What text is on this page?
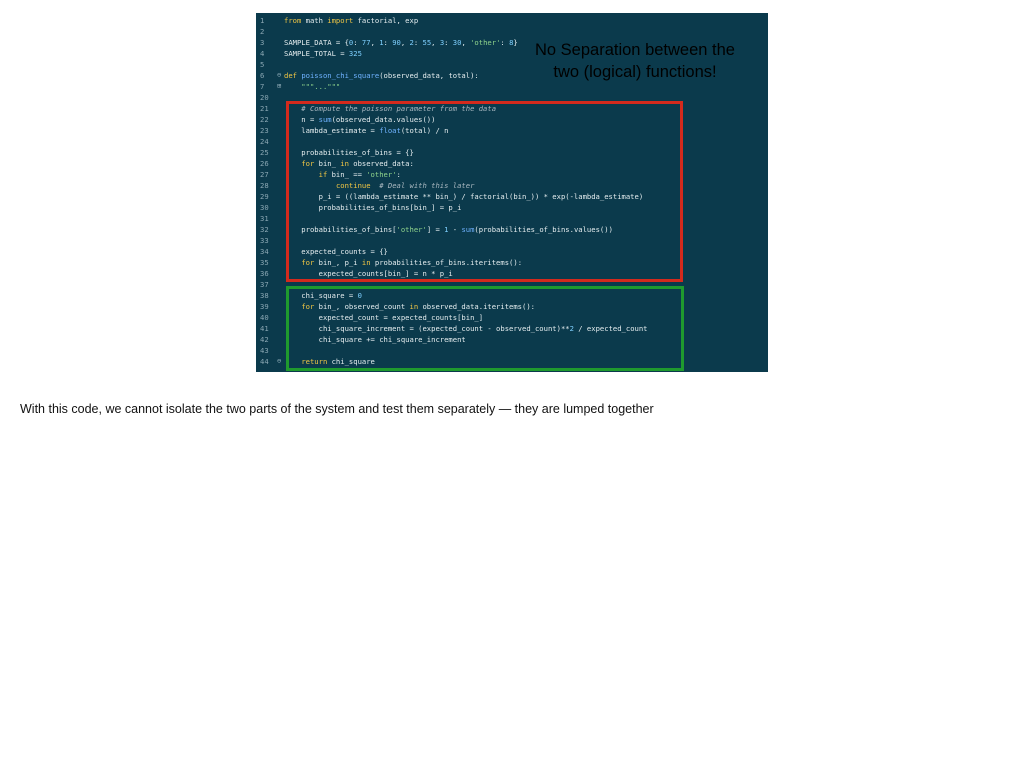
1	from math import factorial, exp
2
3	SAMPLE_DATA = {0: 77, 1: 90, 2: 55, 3: 30, 'other': 8}
4	SAMPLE_TOTAL = 325
5
6	⊖ def poisson_chi_square(observed_data, total):
7	⊞ """..."""
20
21	# Compute the poisson parameter from the data
22	n = sum(observed_data.values())
23	lambda_estimate = float(total) / n
24
25	probabilities_of_bins = {}
26	for bin_ in observed_data:
27	if bin_ == 'other':
28	continue # Deal with this later
29	p_i = ((lambda_estimate ** bin_) / factorial(bin_)) * exp(-lambda_estimate)
30	probabilities_of_bins[bin_] = p_i
31
32	probabilities_of_bins['other'] = 1 - sum(probabilities_of_bins.values())
33
34	expected_counts = {}
35	for bin_, p_i in probabilities_of_bins.iteritems():
36	expected_counts[bin_] = n * p_i
37
38	chi_square = 0
39	for bin_, observed_count in observed_data.iteritems():
40	expected_count = expected_counts[bin_]
41	chi_square_increment = (expected_count - observed_count)**2 / expected_count
42	chi_square += chi_square_increment
43
44	⊖	return chi_square
No Separation between the
two (logical) functions!
With this code, we cannot isolate the two parts of the system and test them separately — they are lumped together
